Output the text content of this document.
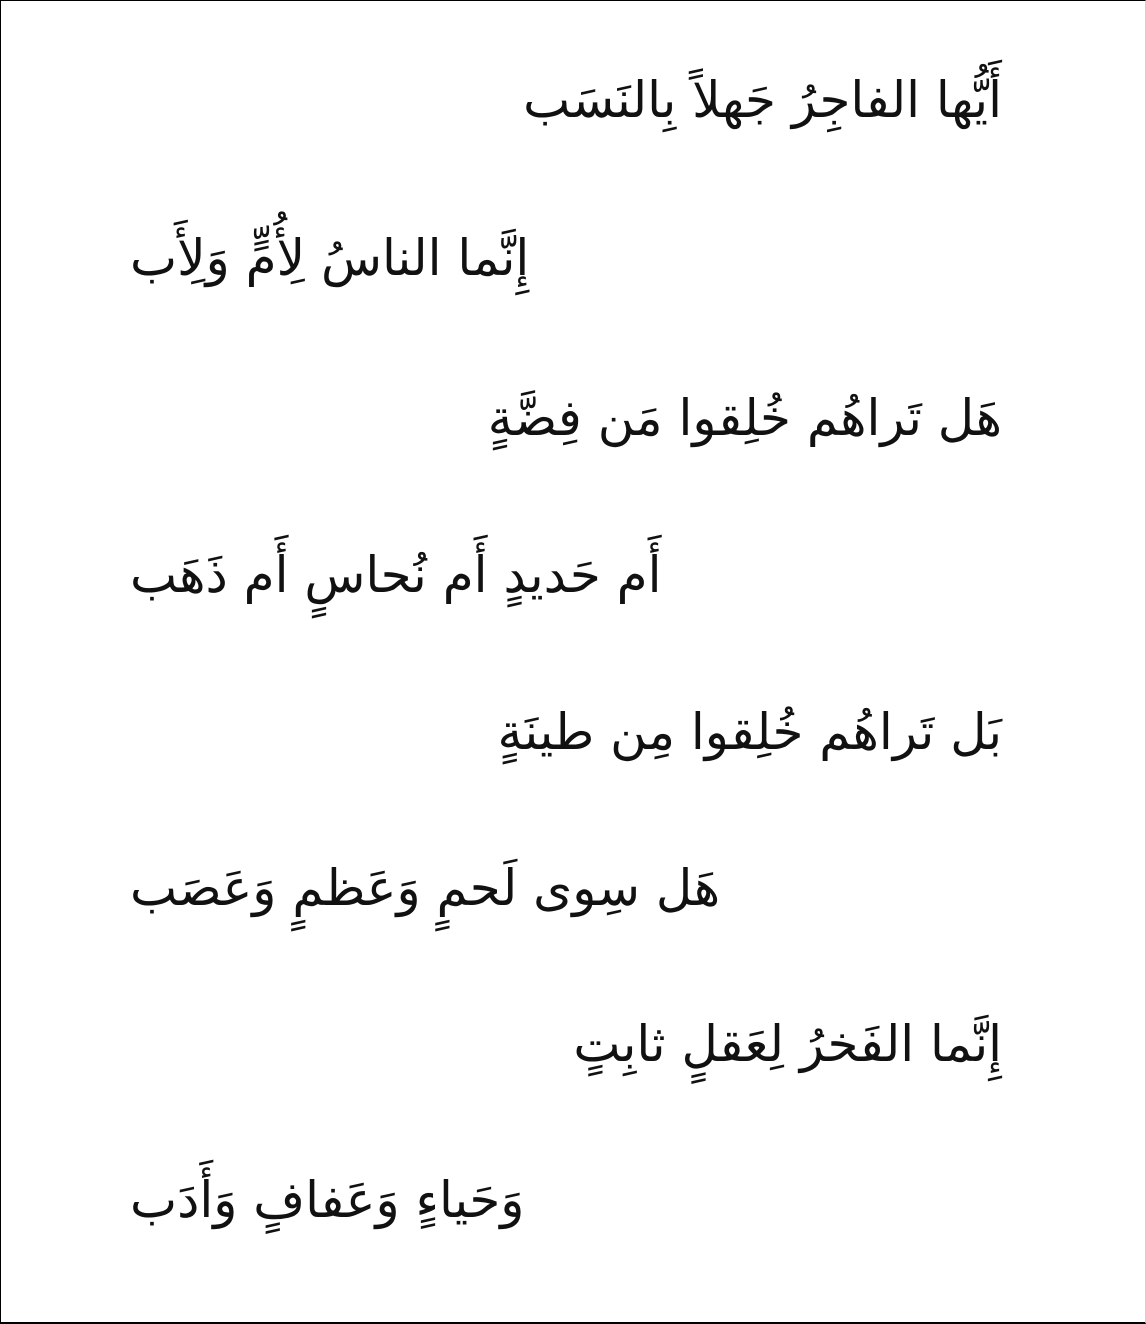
أَيُّها الفاجِرُ جَهلاً بِالنَسَب
إِنَّما الناسُ لِأُمٍّ وَلِأَب
هَل تَراهُم خُلِقوا مَن فِضَّةٍ
أَم حَديدٍ أَم نُحاسٍ أَم ذَهَب
بَل تَراهُم خُلِقوا مِن طينَةٍ
هَل سِوى لَحمٍ وَعَظمٍ وَعَصَب
إِنَّما الفَخرُ لِعَقلٍ ثابِتٍ
وَحَياءٍ وَعَفافٍ وَأَدَب
